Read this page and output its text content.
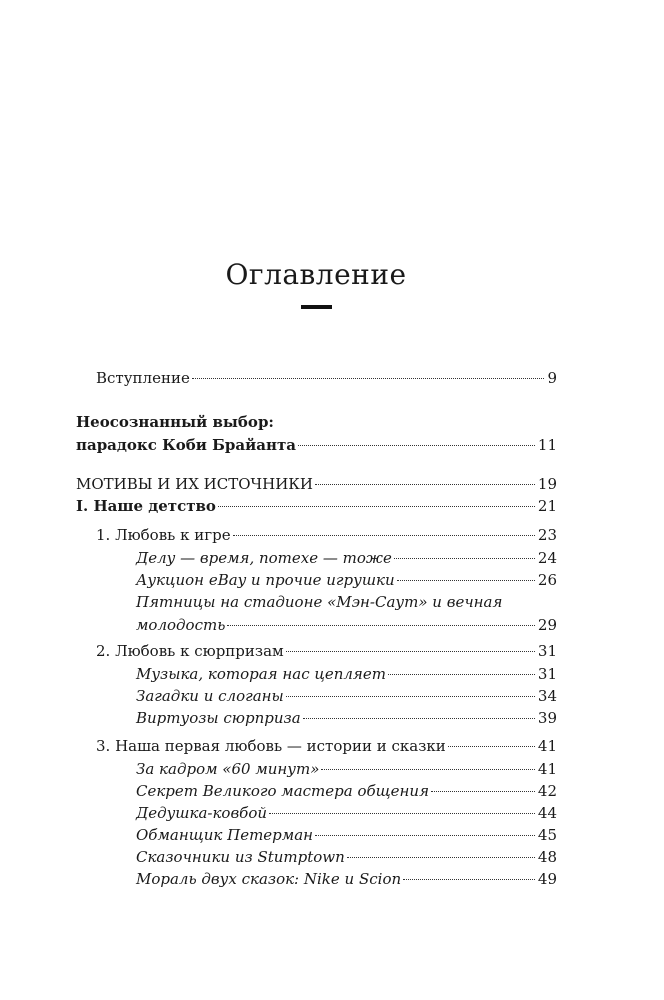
Оглавление
Вступление	9
Неосознанный выбор:
парадокс Коби Брайанта	11
МОТИВЫ И ИХ ИСТОЧНИКИ	19
I. Наше детство	21
1. Любовь к игре	23
Делу — время, потехе — тоже	24
Аукцион eBay и прочие игрушки	26
Пятницы на стадионе «Мэн-Саут» и вечная
молодость	29
2. Любовь к сюрпризам	31
Музыка, которая нас цепляет	31
Загадки и слоганы	34
Виртуозы сюрприза	39
3. Наша первая любовь — истории и сказки	41
За кадром «60 минут»	41
Секрет Великого мастера общения	42
Дедушка-ковбой	44
Обманщик Петерман	45
Сказочники из Stumptown	48
Мораль двух сказок: Nike и Scion	49
